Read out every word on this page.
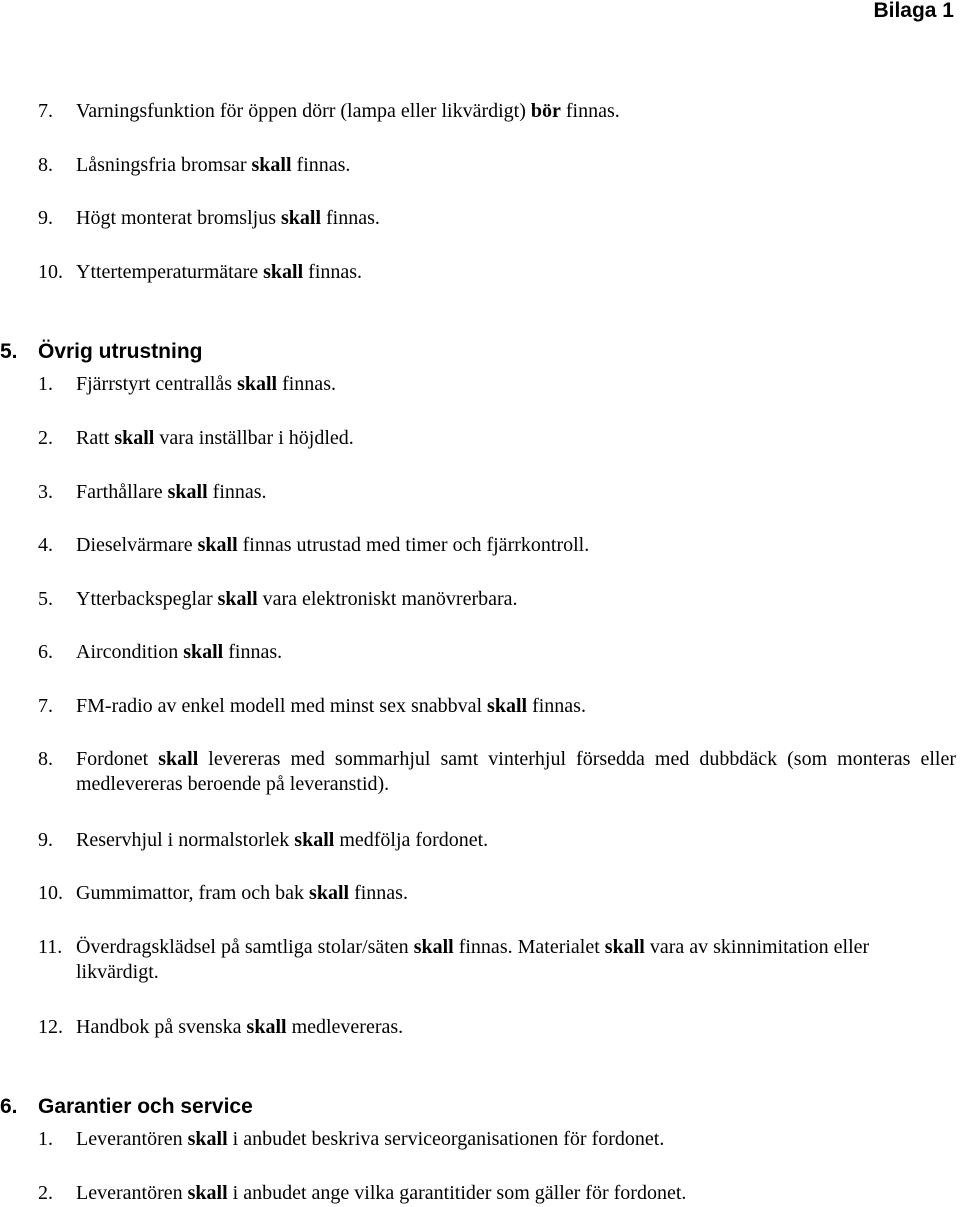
Bilaga 1
7. Varningsfunktion för öppen dörr (lampa eller likvärdigt) bör finnas.
8. Låsningsfria bromsar skall finnas.
9. Högt monterat bromsljus skall finnas.
10. Yttertemperaturmätare skall finnas.
5. Övrig utrustning
1. Fjärrstyrt centrallås skall finnas.
2. Ratt skall vara inställbar i höjdled.
3. Farthållare skall finnas.
4. Dieselvärmare skall finnas utrustad med timer och fjärrkontroll.
5. Ytterbackspeglar skall vara elektroniskt manövrerbara.
6. Aircondition skall finnas.
7. FM-radio av enkel modell med minst sex snabbval skall finnas.
8. Fordonet skall levereras med sommarhjul samt vinterhjul försedda med dubbdäck (som monteras eller medlevereras beroende på leveranstid).
9. Reservhjul i normalstorlek skall medfölja fordonet.
10. Gummimattor, fram och bak skall finnas.
11. Överdragsklädsel på samtliga stolar/säten skall finnas. Materialet skall vara av skinnimitation eller likvärdigt.
12. Handbok på svenska skall medlevereras.
6. Garantier och service
1. Leverantören skall i anbudet beskriva serviceorganisationen för fordonet.
2. Leverantören skall i anbudet ange vilka garantitider som gäller för fordonet.
